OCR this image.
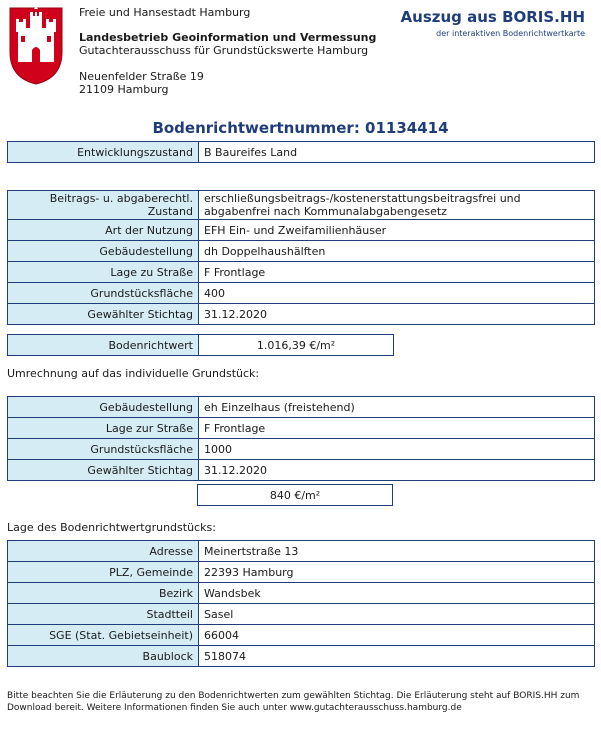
Freie und Hansestadt Hamburg
Landesbetrieb Geoinformation und Vermessung
Gutachterausschuss für Grundstückswerte Hamburg
Neuenfelder Straße 19
21109 Hamburg
Auszug aus BORIS.HH
der interaktiven Bodenrichtwertkarte
Bodenrichtwertnummer: 01134414
Entwicklungszustand	B Baureifes Land
Beitrags- u. abgaberechtl. Zustand	erschließungsbeitrags-/kostenerstattungsbeitragsfrei und abgabenfrei nach Kommunalabgabengesetz
Art der Nutzung	EFH Ein- und Zweifamilienhäuser
Gebäudestellung	dh Doppelhaushälften
Lage zu Straße	F Frontlage
Grundstücksfläche	400
Gewählter Stichtag	31.12.2020
Bodenrichtwert	1.016,39 €/m²
Umrechnung auf das individuelle Grundstück:
Gebäudestellung	eh Einzelhaus (freistehend)
Lage zur Straße	F Frontlage
Grundstücksfläche	1000
Gewählter Stichtag	31.12.2020
	840 €/m²
Lage des Bodenrichtwertgrundstücks:
Adresse	Meinertstraße 13
PLZ, Gemeinde	22393 Hamburg
Bezirk	Wandsbek
Stadtteil	Sasel
SGE (Stat. Gebietseinheit)	66004
Baublock	518074
Bitte beachten Sie die Erläuterung zu den Bodenrichtwerten zum gewählten Stichtag. Die Erläuterung steht auf BORIS.HH zum Download bereit. Weitere Informationen finden Sie auch unter www.gutachterausschuss.hamburg.de
